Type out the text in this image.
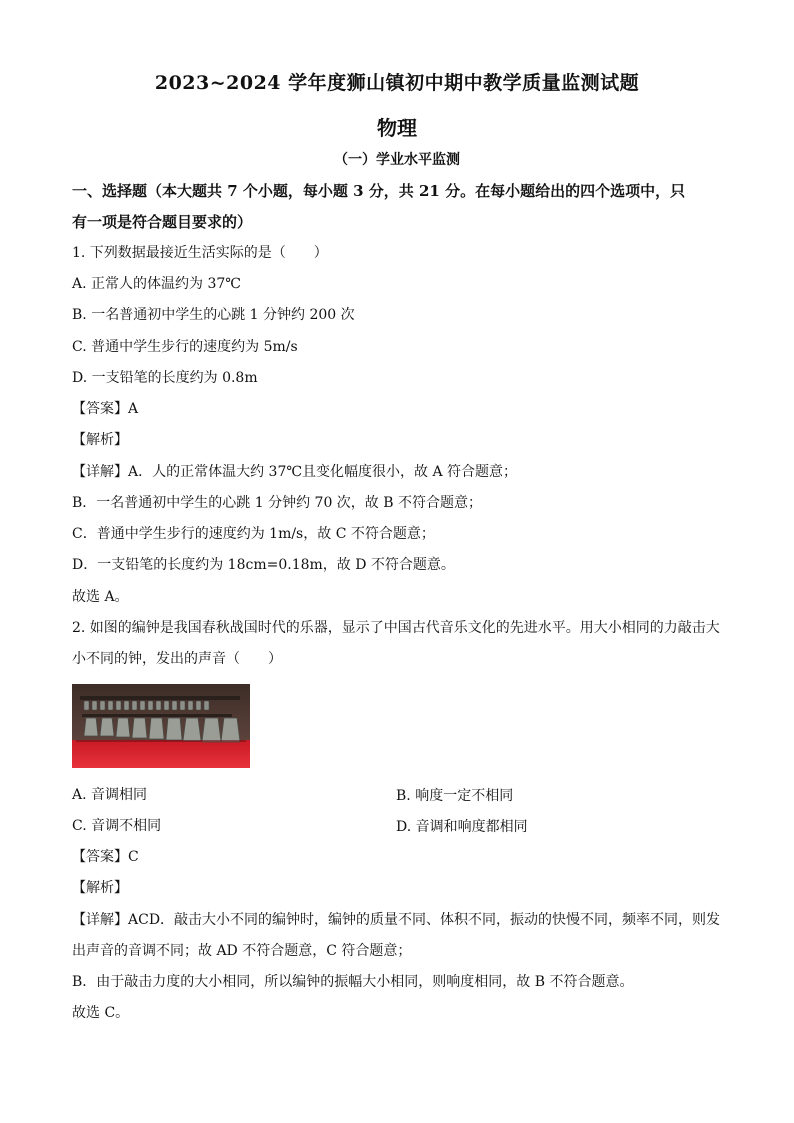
2023~2024 学年度狮山镇初中期中教学质量监测试题
物理
（一）学业水平监测
一、选择题（本大题共 7 个小题，每小题 3 分，共 21 分。在每小题给出的四个选项中，只
有一项是符合题目要求的）
1. 下列数据最接近生活实际的是（　　）
A. 正常人的体温约为 37℃
B. 一名普通初中学生的心跳 1 分钟约 200 次
C. 普通中学生步行的速度约为 5m/s
D. 一支铅笔的长度约为 0.8m
【答案】A
【解析】
【详解】A．人的正常体温大约 37℃且变化幅度很小，故 A 符合题意；
B．一名普通初中学生的心跳 1 分钟约 70 次，故 B 不符合题意；
C．普通中学生步行的速度约为 1m/s，故 C 不符合题意；
D．一支铅笔的长度约为 18cm=0.18m，故 D 不符合题意。
故选 A。
2. 如图的编钟是我国春秋战国时代的乐器，显示了中国古代音乐文化的先进水平。用大小相同的力敲击大
小不同的钟，发出的声音（　　）
A. 音调相同	B. 响度一定不相同
C. 音调不相同	D. 音调和响度都相同
【答案】C
【解析】
【详解】ACD．敲击大小不同的编钟时，编钟的质量不同、体积不同，振动的快慢不同，频率不同，则发
出声音的音调不同；故 AD 不符合题意，C 符合题意；
B．由于敲击力度的大小相同，所以编钟的振幅大小相同，则响度相同，故 B 不符合题意。
故选 C。
